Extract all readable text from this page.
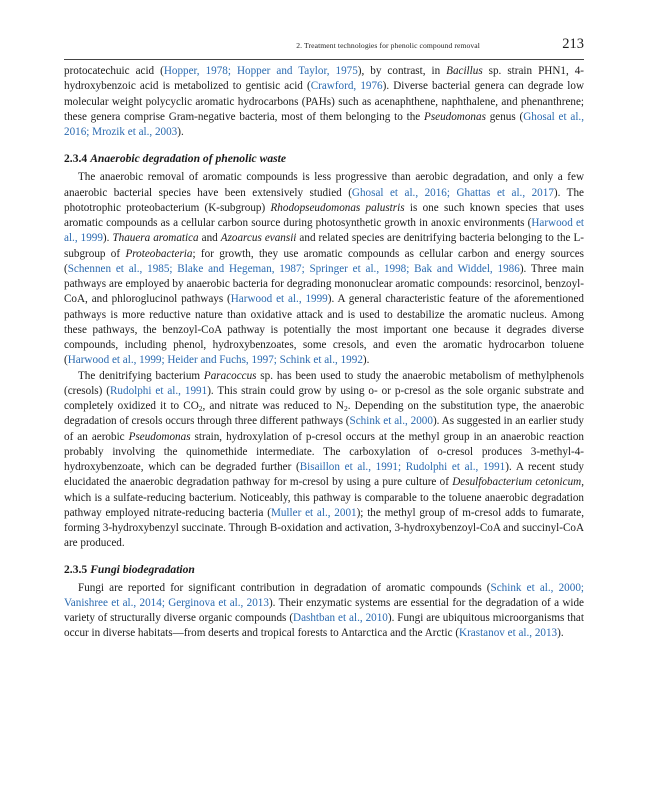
2. Treatment technologies for phenolic compound removal	213

protocatechuic acid (Hopper, 1978; Hopper and Taylor, 1975), by contrast, in Bacillus sp. strain PHN1, 4-hydroxybenzoic acid is metabolized to gentisic acid (Crawford, 1976). Diverse bacterial genera can degrade low molecular weight polycyclic aromatic hydrocarbons (PAHs) such as acenaphthene, naphthalene, and phenanthrene; these genera comprise Gram-negative bacteria, most of them belonging to the Pseudomonas genus (Ghosal et al., 2016; Mrozik et al., 2003).

2.3.4 Anaerobic degradation of phenolic waste

The anaerobic removal of aromatic compounds is less progressive than aerobic degradation, and only a few anaerobic bacterial species have been extensively studied (Ghosal et al., 2016; Ghattas et al., 2017). The phototrophic proteobacterium (K-subgroup) Rhodopseudomonas palustris is one such known species that uses aromatic compounds as a cellular carbon source during photosynthetic growth in anoxic environments (Harwood et al., 1999). Thauera aromatica and Azoarcus evansii and related species are denitrifying bacteria belonging to the L-subgroup of Proteobacteria; for growth, they use aromatic compounds as cellular carbon and energy sources (Schennen et al., 1985; Blake and Hegeman, 1987; Springer et al., 1998; Bak and Widdel, 1986). Three main pathways are employed by anaerobic bacteria for degrading mononuclear aromatic compounds: resorcinol, benzoyl-CoA, and phloroglucinol pathways (Harwood et al., 1999). A general characteristic feature of the aforementioned pathways is more reductive nature than oxidative attack and is used to destabilize the aromatic nucleus. Among these pathways, the benzoyl-CoA pathway is potentially the most important one because it degrades diverse compounds, including phenol, hydroxybenzoates, some cresols, and even the aromatic hydrocarbon toluene (Harwood et al., 1999; Heider and Fuchs, 1997; Schink et al., 1992).

The denitrifying bacterium Paracoccus sp. has been used to study the anaerobic metabolism of methylphenols (cresols) (Rudolphi et al., 1991). This strain could grow by using o- or p-cresol as the sole organic substrate and completely oxidized it to $CO_2$, and nitrate was reduced to $N_2$. Depending on the substitution type, the anaerobic degradation of cresols occurs through three different pathways (Schink et al., 2000). As suggested in an earlier study of an aerobic Pseudomonas strain, hydroxylation of p-cresol occurs at the methyl group in an anaerobic reaction probably involving the quinomethide intermediate. The carboxylation of o-cresol produces 3-methyl-4-hydroxybenzoate, which can be degraded further (Bisaillon et al., 1991; Rudolphi et al., 1991). A recent study elucidated the anaerobic degradation pathway for m-cresol by using a pure culture of Desulfobacterium cetonicum, which is a sulfate-reducing bacterium. Noticeably, this pathway is comparable to the toluene anaerobic degradation pathway employed nitrate-reducing bacteria (Muller et al., 2001); the methyl group of m-cresol adds to fumarate, forming 3-hydroxybenzyl succinate. Through Β-oxidation and activation, 3-hydroxybenzoyl-CoA and succinyl-CoA are produced.

2.3.5 Fungi biodegradation

Fungi are reported for significant contribution in degradation of aromatic compounds (Schink et al., 2000; Vanishree et al., 2014; Gerginova et al., 2013). Their enzymatic systems are essential for the degradation of a wide variety of structurally diverse organic compounds (Dashtban et al., 2010). Fungi are ubiquitous microorganisms that occur in diverse habitats—from deserts and tropical forests to Antarctica and the Arctic (Krastanov et al., 2013).
